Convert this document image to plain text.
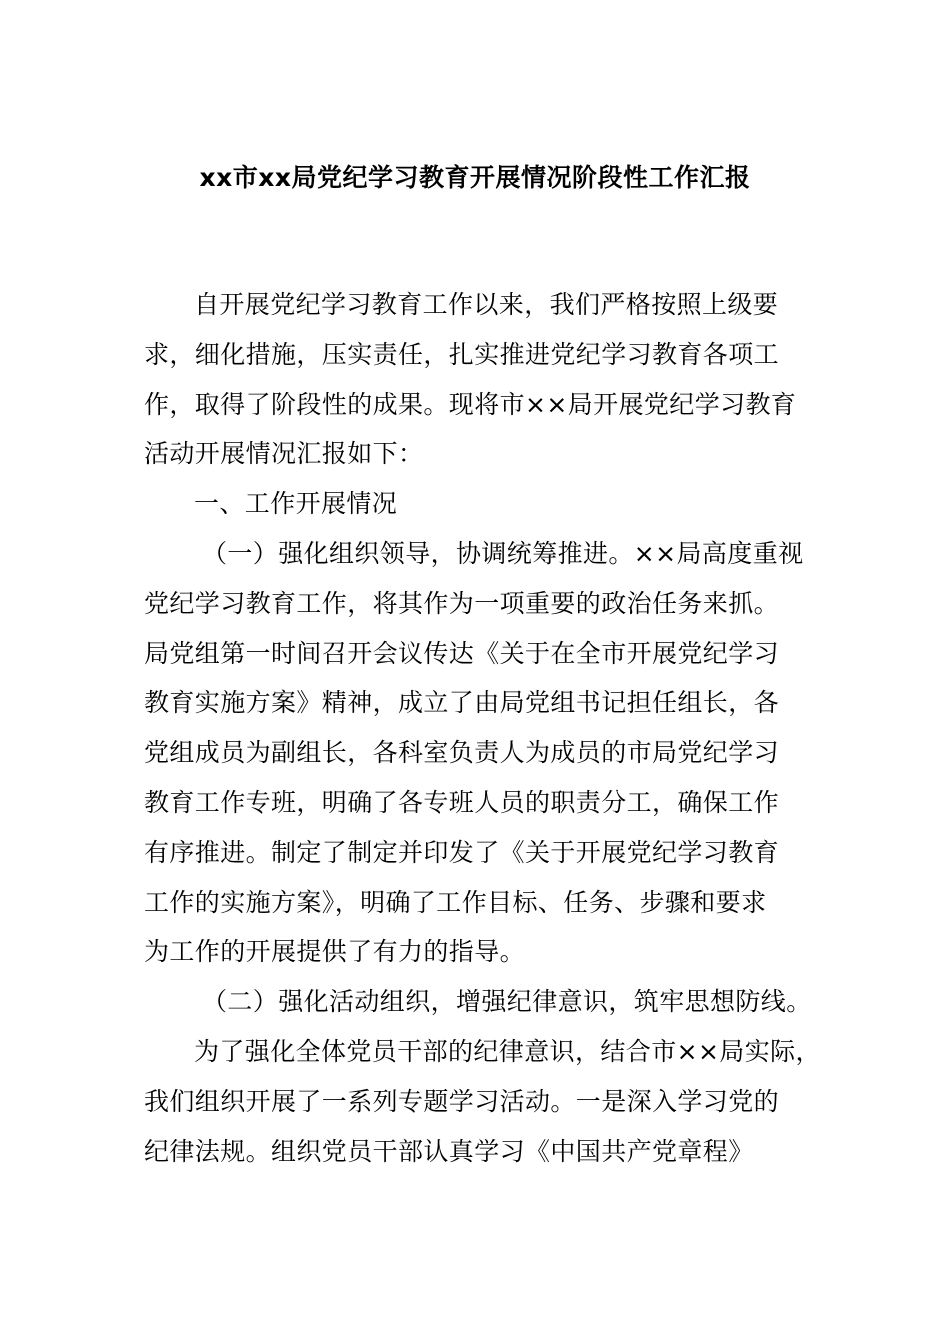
xx市xx局党纪学习教育开展情况阶段性工作汇报
自开展党纪学习教育工作以来，我们严格按照上级要
求，细化措施，压实责任，扎实推进党纪学习教育各项工
作，取得了阶段性的成果。现将市××局开展党纪学习教育
活动开展情况汇报如下：
一、工作开展情况
（一）强化组织领导，协调统筹推进。××局高度重视
党纪学习教育工作，将其作为一项重要的政治任务来抓。
局党组第一时间召开会议传达《关于在全市开展党纪学习
教育实施方案》精神，成立了由局党组书记担任组长，各
党组成员为副组长，各科室负责人为成员的市局党纪学习
教育工作专班，明确了各专班人员的职责分工，确保工作
有序推进。制定了制定并印发了《关于开展党纪学习教育
工作的实施方案》，明确了工作目标、任务、步骤和要求
为工作的开展提供了有力的指导。
（二）强化活动组织，增强纪律意识，筑牢思想防线。
为了强化全体党员干部的纪律意识，结合市××局实际，
我们组织开展了一系列专题学习活动。一是深入学习党的
纪律法规。组织党员干部认真学习《中国共产党章程》
